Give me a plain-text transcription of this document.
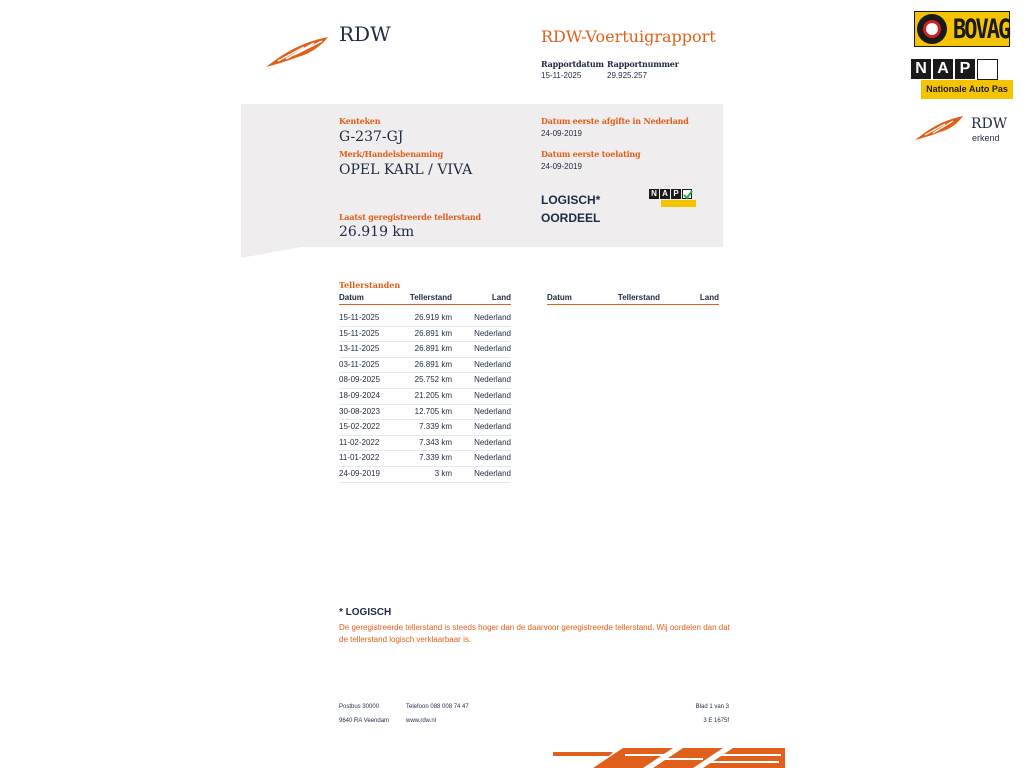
RDW	RDW-Voertuigrapport
Rapportdatum
15-11-2025
Rapportnummer
29.925.257
Kenteken
G-237-GJ
Merk/Handelsbenaming
OPEL KARL / VIVA
Laatst geregistreerde tellerstand
26.919 km
Datum eerste afgifte in Nederland
24-09-2019
Datum eerste toelating
24-09-2019
LOGISCH*
OORDEEL
N A P
Tellerstanden
Datum	Tellerstand	Land
15-11-2025	26.919 km	Nederland
15-11-2025	26.891 km	Nederland
13-11-2025	26.891 km	Nederland
03-11-2025	26.891 km	Nederland
08-09-2025	25.752 km	Nederland
18-09-2024	21.205 km	Nederland
30-08-2023	12.705 km	Nederland
15-02-2022	7.339 km	Nederland
11-02-2022	7.343 km	Nederland
11-01-2022	7.339 km	Nederland
24-09-2019	3 km	Nederland
Datum	Tellerstand	Land
* LOGISCH
De geregistreerde tellerstand is steeds hoger dan de daarvoor geregistreerde tellerstand. Wij oordelen dan dat de tellerstand logisch verklaarbaar is.
Postbus 30000	Telefoon 088 008 74 47
9640 RA Veendam	www.rdw.nl
Blad 1 van 3
3 E 1675f
BOVAG
N A P
Nationale Auto Pas
RDW
erkend
